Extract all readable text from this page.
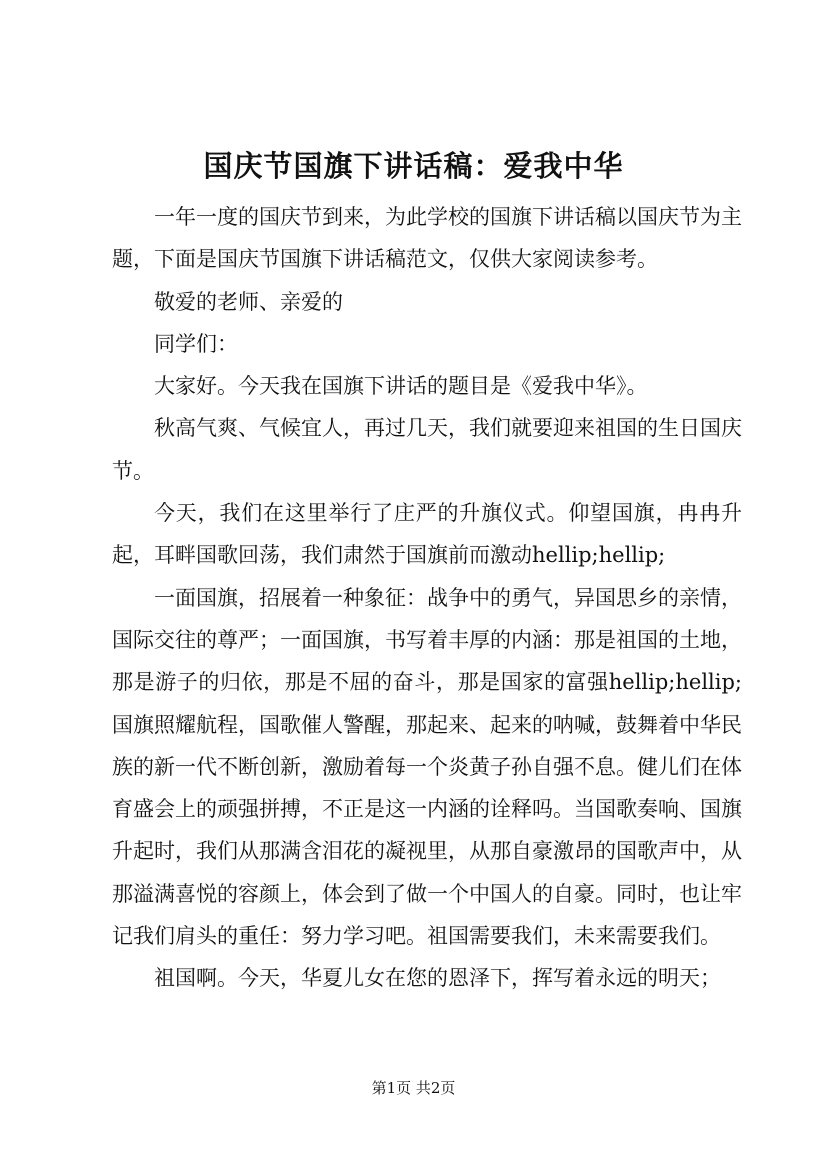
国庆节国旗下讲话稿：爱我中华

一年一度的国庆节到来，为此学校的国旗下讲话稿以国庆节为主题，下面是国庆节国旗下讲话稿范文，仅供大家阅读参考。

敬爱的老师、亲爱的

同学们：

大家好。今天我在国旗下讲话的题目是《爱我中华》。

秋高气爽、气候宜人，再过几天，我们就要迎来祖国的生日国庆节。

今天，我们在这里举行了庄严的升旗仪式。仰望国旗，冉冉升起，耳畔国歌回荡，我们肃然于国旗前而激动hellip;hellip;

一面国旗，招展着一种象征：战争中的勇气，异国思乡的亲情，国际交往的尊严；一面国旗，书写着丰厚的内涵：那是祖国的土地，那是游子的归依，那是不屈的奋斗，那是国家的富强hellip;hellip;国旗照耀航程，国歌催人警醒，那起来、起来的呐喊，鼓舞着中华民族的新一代不断创新，激励着每一个炎黄子孙自强不息。健儿们在体育盛会上的顽强拼搏，不正是这一内涵的诠释吗。当国歌奏响、国旗升起时，我们从那满含泪花的凝视里，从那自豪激昂的国歌声中，从那溢满喜悦的容颜上，体会到了做一个中国人的自豪。同时，也让牢记我们肩头的重任：努力学习吧。祖国需要我们，未来需要我们。

祖国啊。今天，华夏儿女在您的恩泽下，挥写着永远的明天；

第1页 共2页
